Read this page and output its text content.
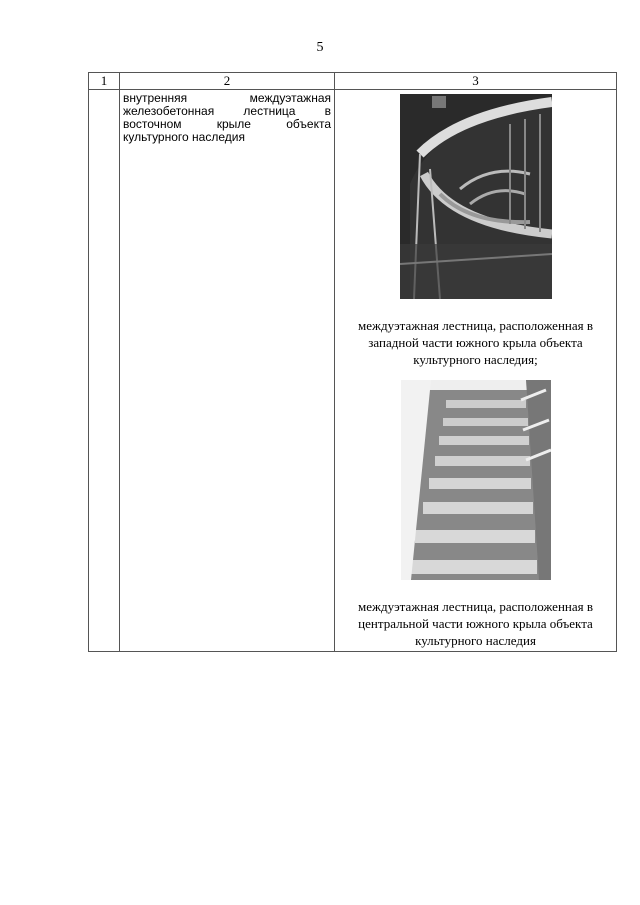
5
1	2	3

	внутренняя междуэтажная железобетонная лестница в восточном крыле объекта культурного наследия	междуэтажная лестница, расположенная в западной части южного крыла объекта культурного наследия;
междуэтажная лестница, расположенная в центральной части южного крыла объекта культурного наследия
